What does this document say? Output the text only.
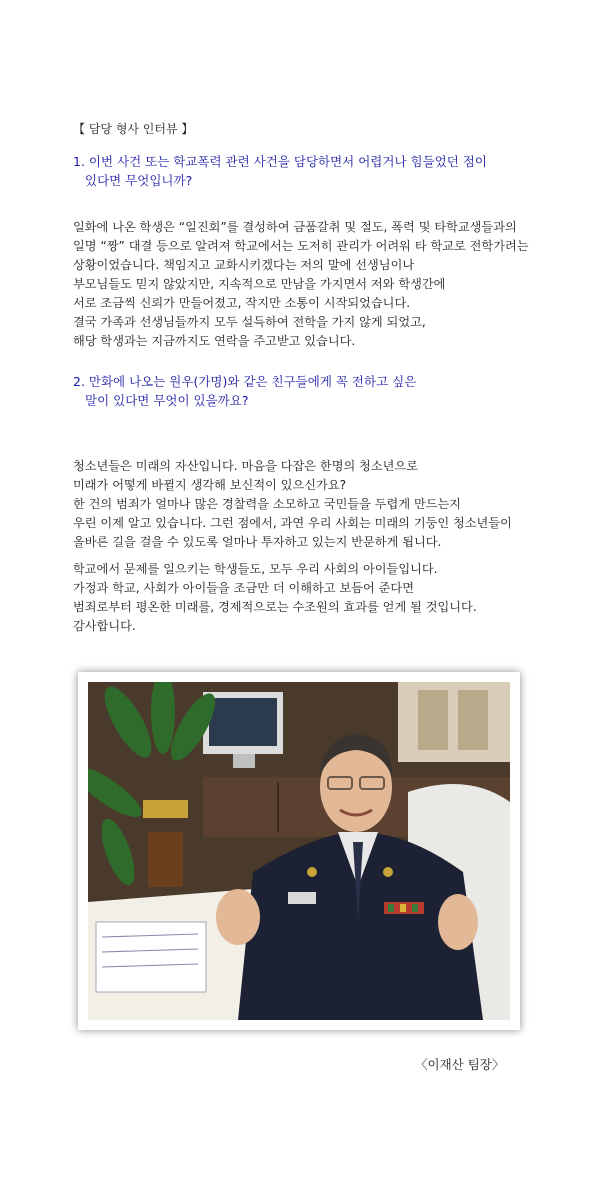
【 담당 형사 인터뷰 】
1. 이번 사건 또는 학교폭력 관련 사건을 담당하면서 어렵거나 힘들었던 점이
있다면 무엇입니까?
일화에 나온 학생은 “일진회”를 결성하여 금품갈취 및 절도, 폭력 및 타학교생들과의
일명 “짱” 대결 등으로 알려져 학교에서는 도저히 관리가 어려워 타 학교로 전학가려는
상황이었습니다. 책임지고 교화시키겠다는 저의 말에 선생님이나
부모님들도 믿지 않았지만, 지속적으로 만남을 가지면서 저와 학생간에
서로 조금씩 신뢰가 만들어졌고, 작지만 소통이 시작되었습니다.
결국 가족과 선생님들까지 모두 설득하여 전학을 가지 않게 되었고,
해당 학생과는 지금까지도 연락을 주고받고 있습니다.
2. 만화에 나오는 원우(가명)와 같은 친구들에게 꼭 전하고 싶은
말이 있다면 무엇이 있을까요?
청소년들은 미래의 자산입니다. 마음을 다잡은 한명의 청소년으로
미래가 어떻게 바뀔지 생각해 보신적이 있으신가요?
한 건의 범죄가 얼마나 많은 경찰력을 소모하고 국민들을 두렵게 만드는지
우린 이제 알고 있습니다. 그런 점에서, 과연 우리 사회는 미래의 기둥인 청소년들이
올바른 길을 걸을 수 있도록 얼마나 투자하고 있는지 반문하게 됩니다.
학교에서 문제를 일으키는 학생들도, 모두 우리 사회의 아이들입니다.
가정과 학교, 사회가 아이들을 조금만 더 이해하고 보듬어 준다면
범죄로부터 평온한 미래를, 경제적으로는 수조원의 효과를 얻게 될 것입니다.
감사합니다.
〈이재산 팀장〉
